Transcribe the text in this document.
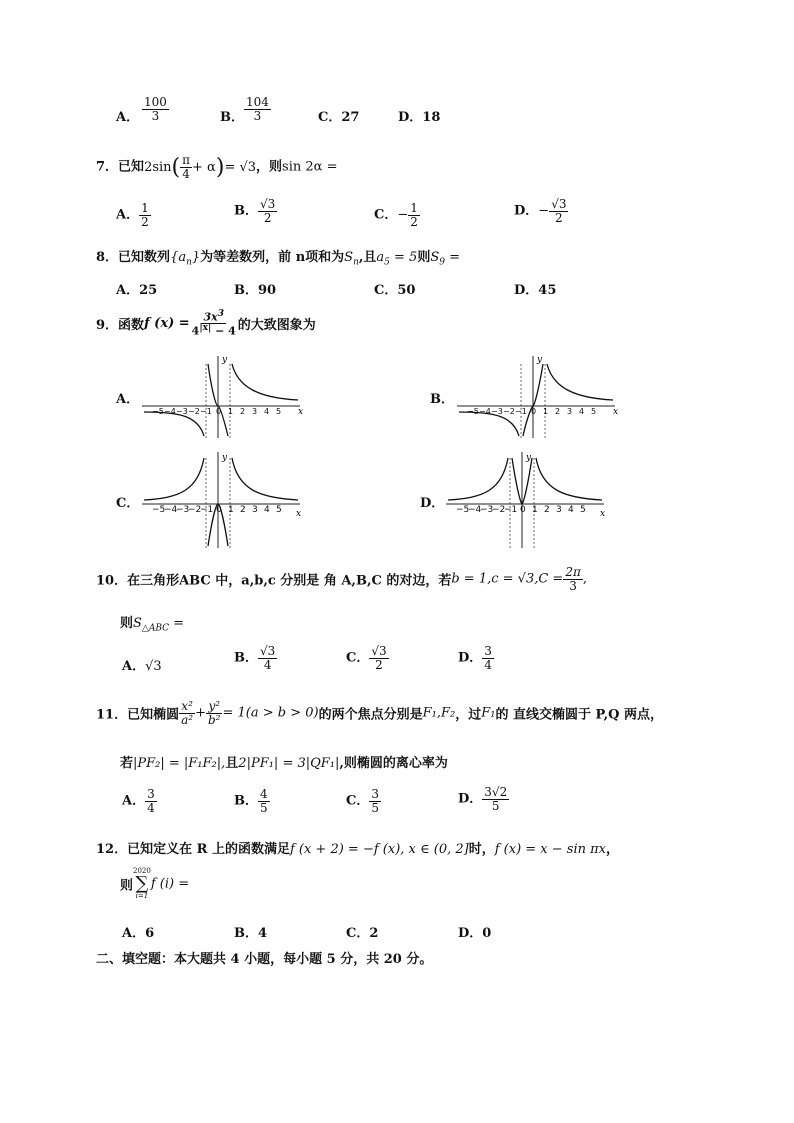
A． $\frac{100}{3}$	B． $\frac{104}{3}$	C．27	D．18
7．已知$2\sin( \frac{\pi}{4} + \alpha)= √3$，则sin 2α =
A． $\frac{1}{2}$	B． $\frac{√3}{2}$	C．− $\frac{1}{2}$	D．− $\frac{√3}{2}$
8．已知数列$\{a_n\}$为等差数列，前 n项和为$S_n$,且$a_5 = 5$则$S_9$ =
A．25	B．90	C．50	D．45
9．函数f $(x) = \frac{3x^3}{4^{|x|} - 4}$ 的大致图象为
A．	B．
C．	D．
−5 −4 −3 −2 −1 0 1 2 3 4 5
y
x	−5 −4 −3 −2 −1 0 1 2 3 4 5
y
x
−5
−4
−3
−2
−1 0 1 2 3 4 5
y
x	−5
−4
−3
−2
−1 0 1 2 3 4 5
y
x
10．在三角形ABC 中，a,b,c 分别是 角 A,B,C 的对边，若$b = 1,c = √3,C = \frac{2\pi}{3}$ ,
则$S_{\triangle ABC}$ =
A．√3
B． $\frac{√3}{4}$	C． $\frac{√3}{2}$	D． $\frac{3}{4}$
11．已知椭圆 $\frac{\text{x²}}{\text{a²}} + \frac{\text{y²}}{\text{b²}} = 1(a > b > 0)$的两个焦点分别是F₁,F₂，过F₁的 直线交椭圆于 P,Q 两点，
若|PF₂| = |F₁F₂|,且2|PF₁| = 3|QF₁|,则椭圆的离心率为
A． $\frac{3}{4}$	B． $\frac{4}{5}$	C． $\frac{3}{5}$	D． $\frac{3√2}{5}$
12．已知定义在 R 上的函数满足f (x + 2) = −f (x), x ∈ (0, 2]时，f (x) = x − sin πx，
则
2020
∑
i=1
f (i) =
A．6	B．4	C．2	D．0
二、填空题：本大题共 4 小题，每小题 5 分，共 20 分。
